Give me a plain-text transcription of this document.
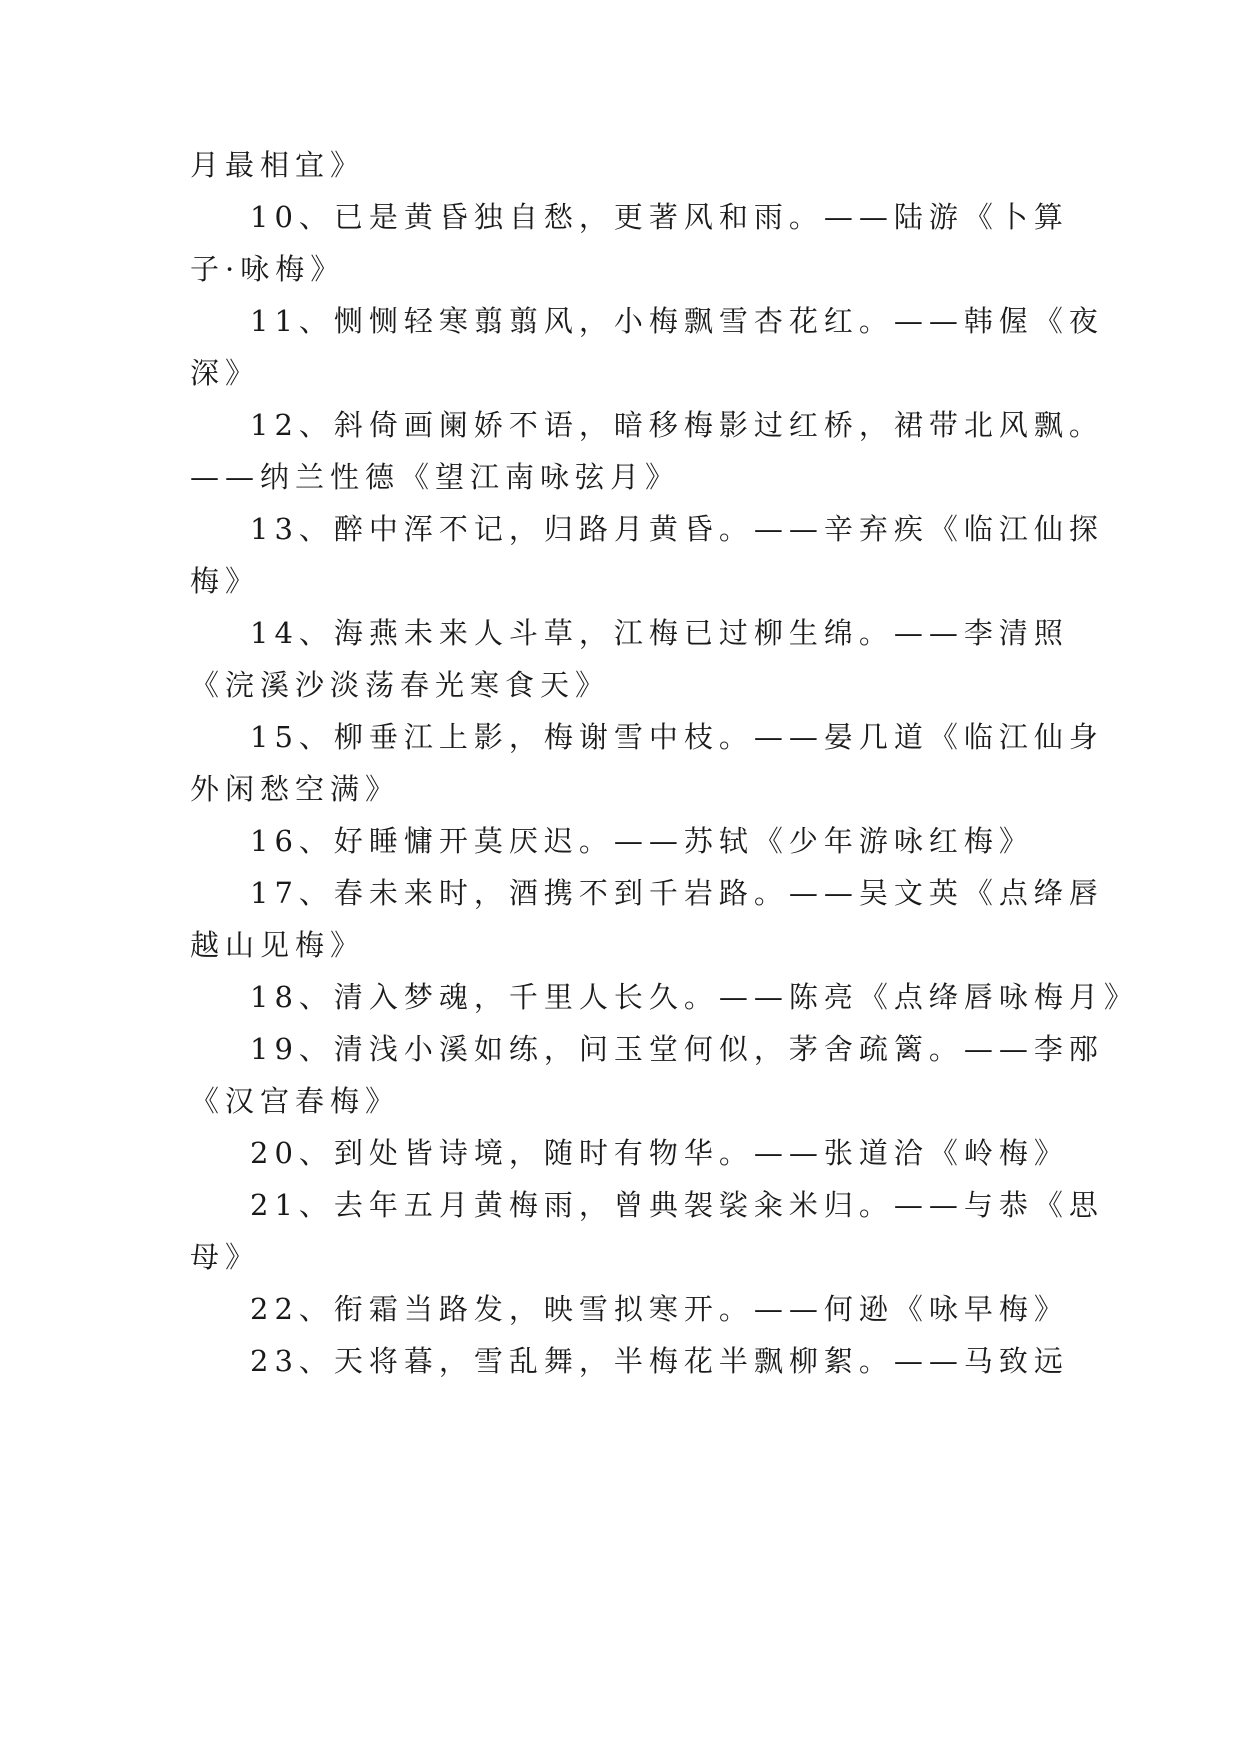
月最相宜》
10、已是黄昏独自愁，更著风和雨。——陆游《卜算
子·咏梅》
11、恻恻轻寒翦翦风，小梅飘雪杏花红。——韩偓《夜
深》
12、斜倚画阑娇不语，暗移梅影过红桥，裙带北风飘。
——纳兰性德《望江南咏弦月》
13、醉中浑不记，归路月黄昏。——辛弃疾《临江仙探
梅》
14、海燕未来人斗草，江梅已过柳生绵。——李清照
《浣溪沙淡荡春光寒食天》
15、柳垂江上影，梅谢雪中枝。——晏几道《临江仙身
外闲愁空满》
16、好睡慵开莫厌迟。——苏轼《少年游咏红梅》
17、春未来时，酒携不到千岩路。——吴文英《点绛唇
越山见梅》
18、清入梦魂，千里人长久。——陈亮《点绛唇咏梅月》
19、清浅小溪如练，问玉堂何似，茅舍疏篱。——李邴
《汉宫春梅》
20、到处皆诗境，随时有物华。——张道洽《岭梅》
21、去年五月黄梅雨，曾典袈裟籴米归。——与恭《思
母》
22、衔霜当路发，映雪拟寒开。——何逊《咏早梅》
23、天将暮，雪乱舞，半梅花半飘柳絮。——马致远
